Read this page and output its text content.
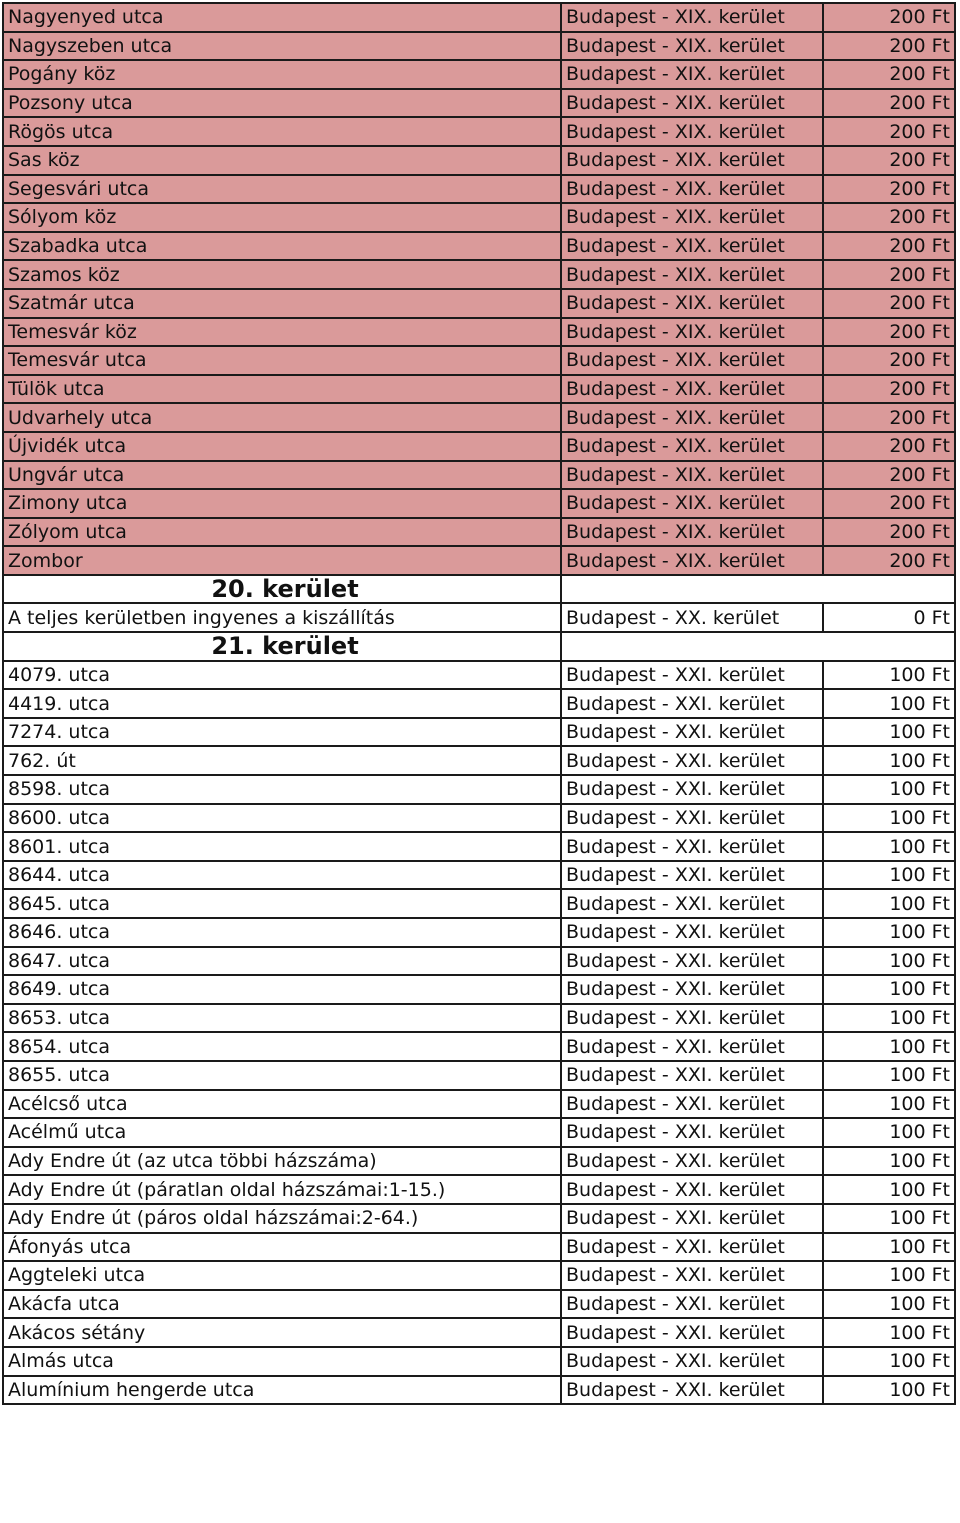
Nagyenyed utca	Budapest - XIX. kerület	200 Ft
Nagyszeben utca	Budapest - XIX. kerület	200 Ft
Pogány köz	Budapest - XIX. kerület	200 Ft
Pozsony utca	Budapest - XIX. kerület	200 Ft
Rögös utca	Budapest - XIX. kerület	200 Ft
Sas köz	Budapest - XIX. kerület	200 Ft
Segesvári utca	Budapest - XIX. kerület	200 Ft
Sólyom köz	Budapest - XIX. kerület	200 Ft
Szabadka utca	Budapest - XIX. kerület	200 Ft
Szamos köz	Budapest - XIX. kerület	200 Ft
Szatmár utca	Budapest - XIX. kerület	200 Ft
Temesvár köz	Budapest - XIX. kerület	200 Ft
Temesvár utca	Budapest - XIX. kerület	200 Ft
Tülök utca	Budapest - XIX. kerület	200 Ft
Udvarhely utca	Budapest - XIX. kerület	200 Ft
Újvidék utca	Budapest - XIX. kerület	200 Ft
Ungvár utca	Budapest - XIX. kerület	200 Ft
Zimony utca	Budapest - XIX. kerület	200 Ft
Zólyom utca	Budapest - XIX. kerület	200 Ft
Zombor	Budapest - XIX. kerület	200 Ft
20. kerület		
A teljes kerületben ingyenes a kiszállítás	Budapest - XX. kerület	0 Ft
21. kerület		
4079. utca	Budapest - XXI. kerület	100 Ft
4419. utca	Budapest - XXI. kerület	100 Ft
7274. utca	Budapest - XXI. kerület	100 Ft
762. út	Budapest - XXI. kerület	100 Ft
8598. utca	Budapest - XXI. kerület	100 Ft
8600. utca	Budapest - XXI. kerület	100 Ft
8601. utca	Budapest - XXI. kerület	100 Ft
8644. utca	Budapest - XXI. kerület	100 Ft
8645. utca	Budapest - XXI. kerület	100 Ft
8646. utca	Budapest - XXI. kerület	100 Ft
8647. utca	Budapest - XXI. kerület	100 Ft
8649. utca	Budapest - XXI. kerület	100 Ft
8653. utca	Budapest - XXI. kerület	100 Ft
8654. utca	Budapest - XXI. kerület	100 Ft
8655. utca	Budapest - XXI. kerület	100 Ft
Acélcső utca	Budapest - XXI. kerület	100 Ft
Acélmű utca	Budapest - XXI. kerület	100 Ft
Ady Endre út (az utca többi házszáma)	Budapest - XXI. kerület	100 Ft
Ady Endre út (páratlan oldal házszámai:1-15.)	Budapest - XXI. kerület	100 Ft
Ady Endre út (páros oldal házszámai:2-64.)	Budapest - XXI. kerület	100 Ft
Áfonyás utca	Budapest - XXI. kerület	100 Ft
Aggteleki utca	Budapest - XXI. kerület	100 Ft
Akácfa utca	Budapest - XXI. kerület	100 Ft
Akácos sétány	Budapest - XXI. kerület	100 Ft
Almás utca	Budapest - XXI. kerület	100 Ft
Alumínium hengerde utca	Budapest - XXI. kerület	100 Ft
